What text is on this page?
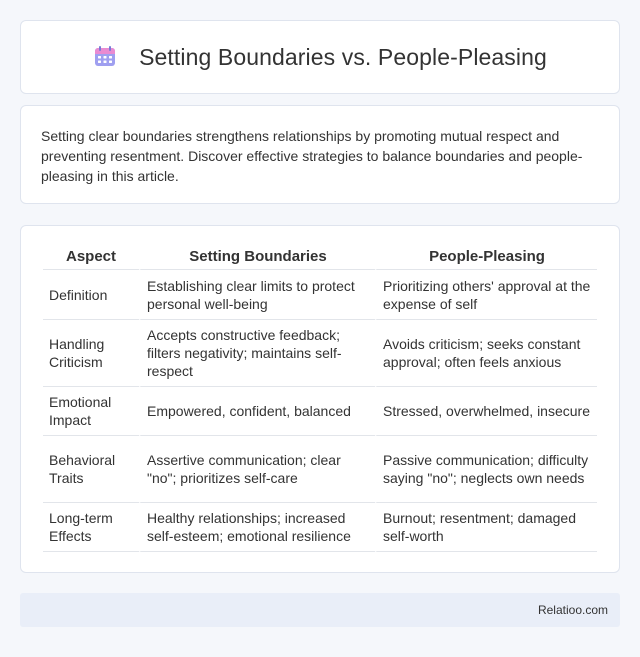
Setting Boundaries vs. People-Pleasing

Setting clear boundaries strengthens relationships by promoting mutual respect and preventing resentment. Discover effective strategies to balance boundaries and people-pleasing in this article.

Aspect	Setting Boundaries	People-Pleasing
Definition	Establishing clear limits to protect personal well-being	Prioritizing others' approval at the expense of self
Handling Criticism	Accepts constructive feedback; filters negativity; maintains self-respect	Avoids criticism; seeks constant approval; often feels anxious
Emotional Impact	Empowered, confident, balanced	Stressed, overwhelmed, insecure
Behavioral Traits	Assertive communication; clear "no"; prioritizes self-care	Passive communication; difficulty saying "no"; neglects own needs
Long-term Effects	Healthy relationships; increased self-esteem; emotional resilience	Burnout; resentment; damaged self-worth
Relatioo.com
